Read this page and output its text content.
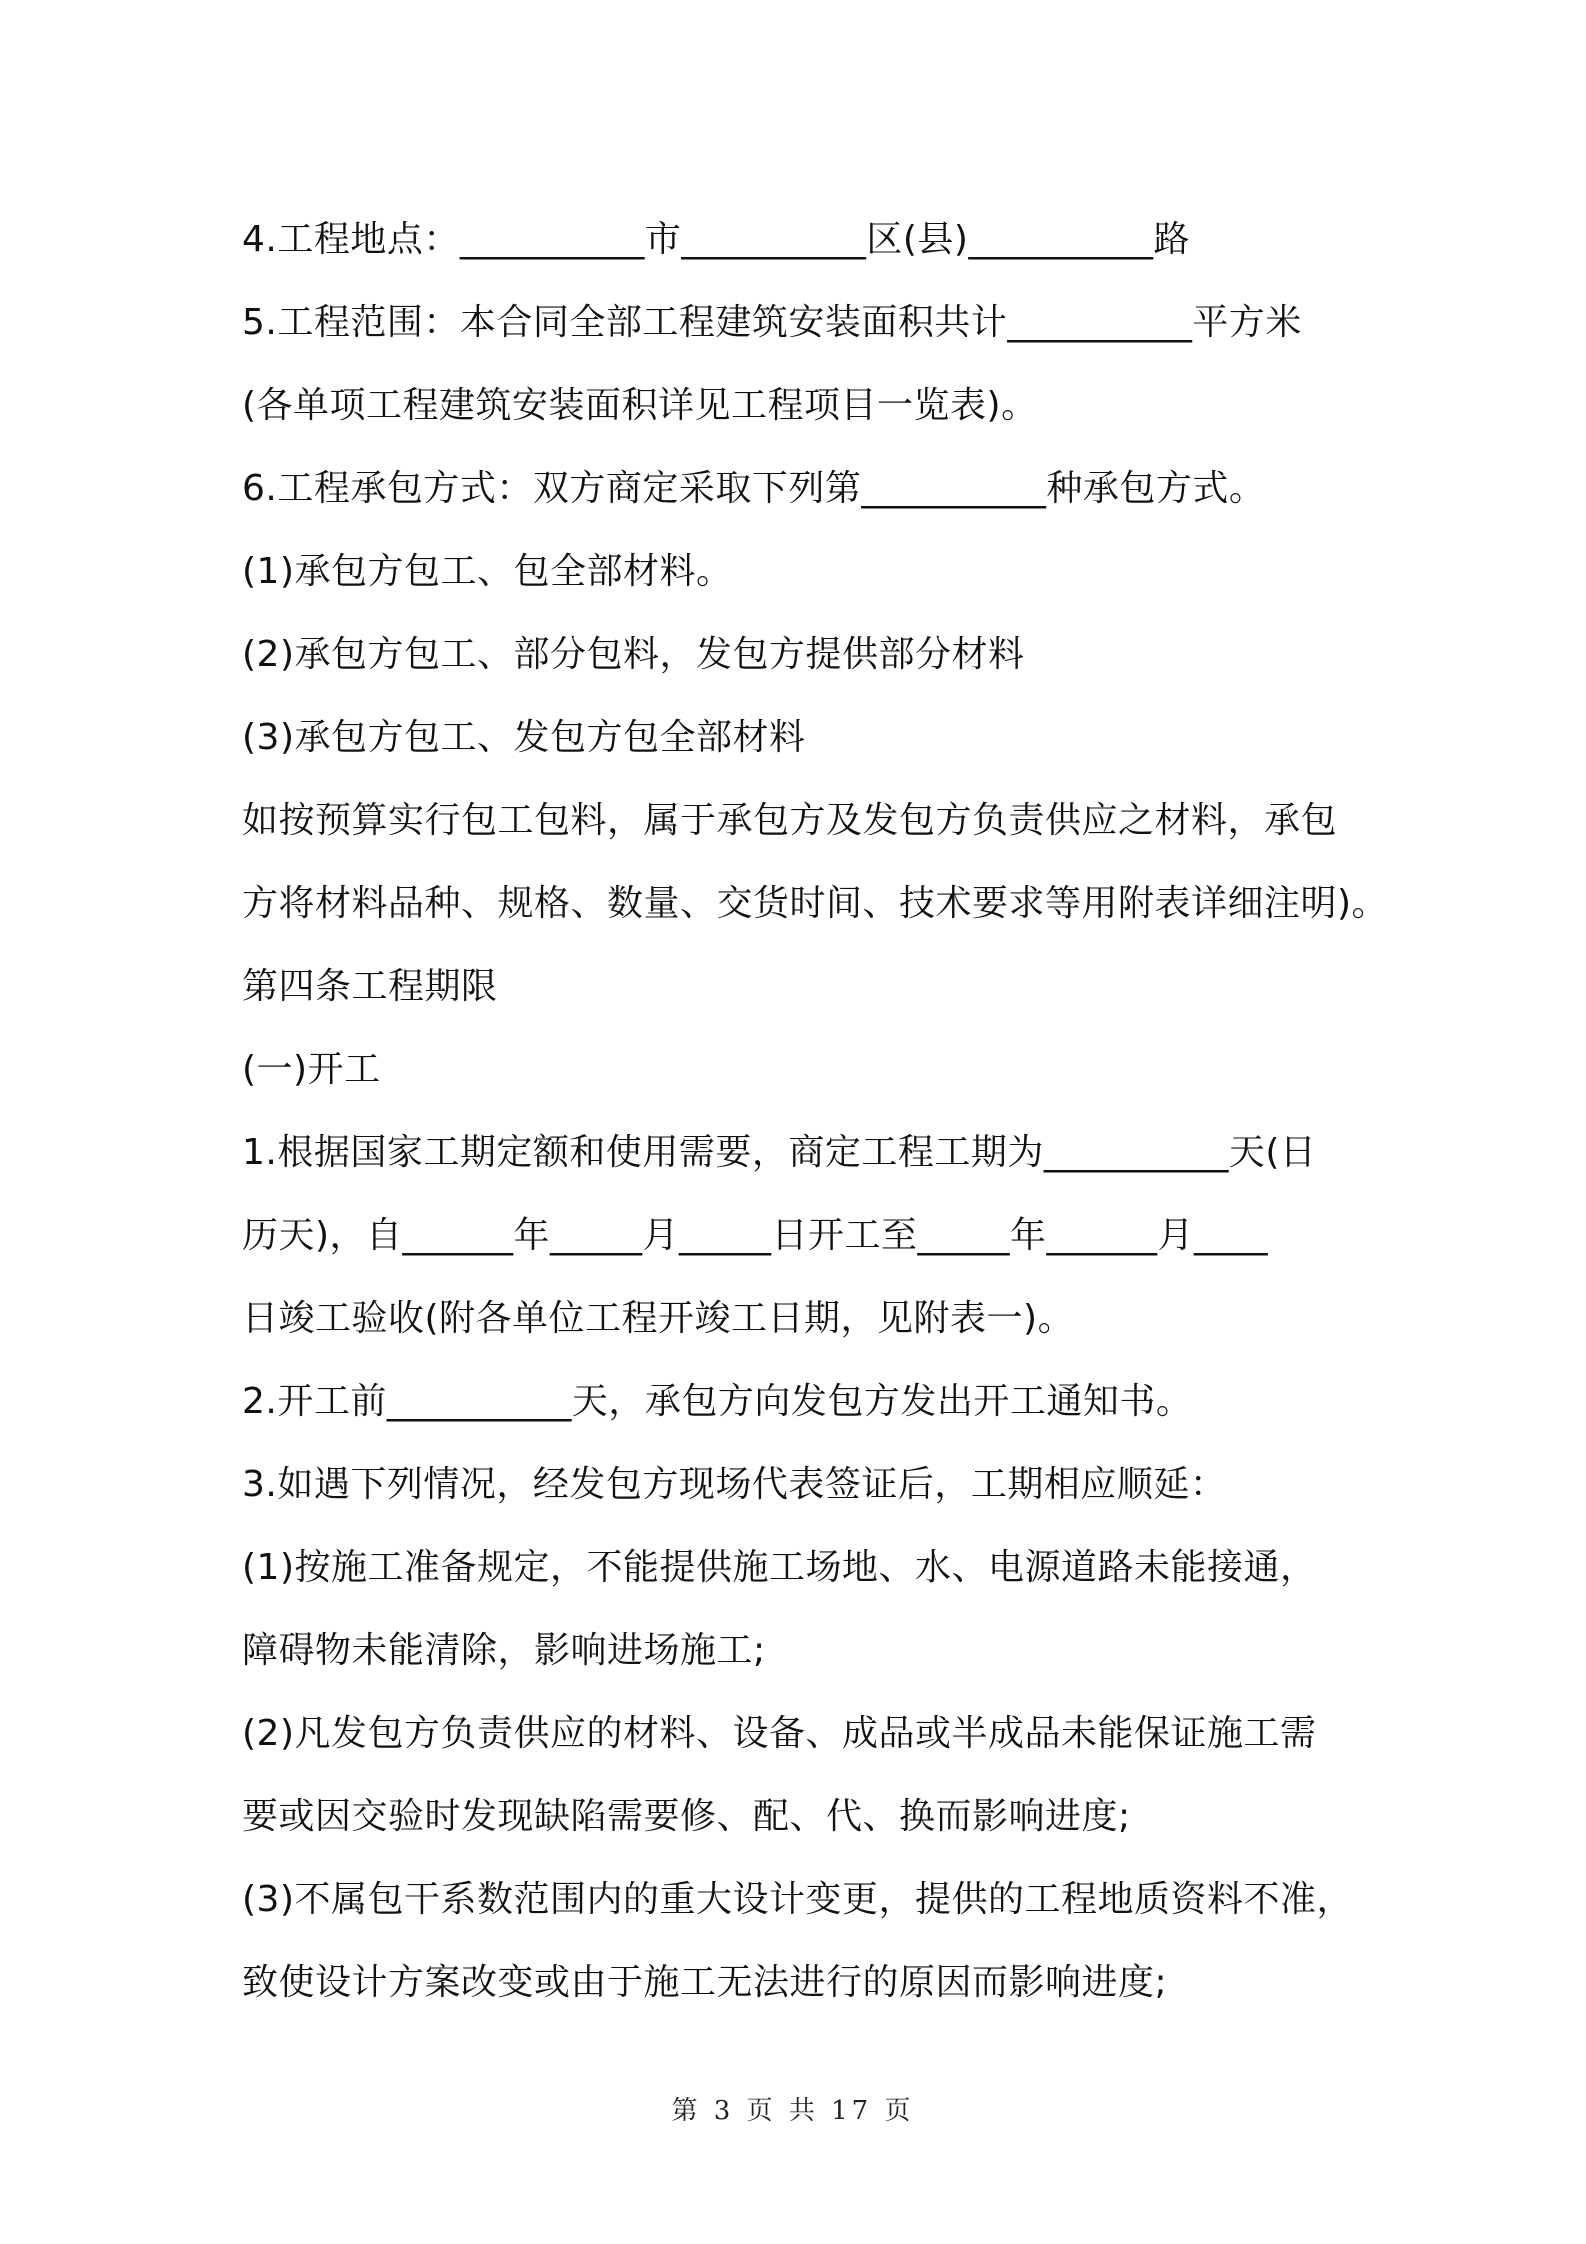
4.工程地点：__________市__________区(县)__________路
5.工程范围：本合同全部工程建筑安装面积共计__________平方米
(各单项工程建筑安装面积详见工程项目一览表)。
6.工程承包方式：双方商定采取下列第__________种承包方式。
(1)承包方包工、包全部材料。
(2)承包方包工、部分包料，发包方提供部分材料
(3)承包方包工、发包方包全部材料
如按预算实行包工包料，属于承包方及发包方负责供应之材料，承包
方将材料品种、规格、数量、交货时间、技术要求等用附表详细注明)。
第四条工程期限
(一)开工
1.根据国家工期定额和使用需要，商定工程工期为__________天(日
历天)，自______年_____月_____日开工至_____年______月____
日竣工验收(附各单位工程开竣工日期，见附表一)。
2.开工前__________天，承包方向发包方发出开工通知书。
3.如遇下列情况，经发包方现场代表签证后，工期相应顺延：
(1)按施工准备规定，不能提供施工场地、水、电源道路未能接通，
障碍物未能清除，影响进场施工;
(2)凡发包方负责供应的材料、设备、成品或半成品未能保证施工需
要或因交验时发现缺陷需要修、配、代、换而影响进度;
(3)不属包干系数范围内的重大设计变更，提供的工程地质资料不准，
致使设计方案改变或由于施工无法进行的原因而影响进度;
第 3 页 共 17 页
